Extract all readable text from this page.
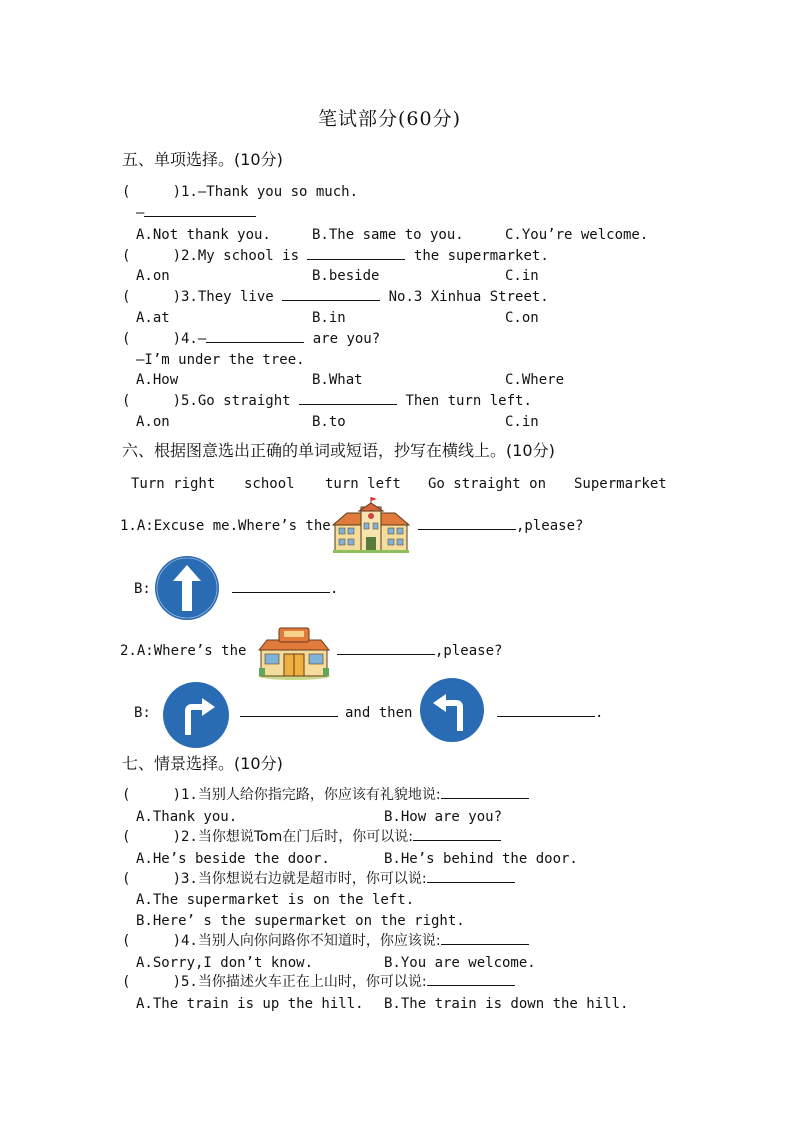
笔试部分(60分)
五、单项选择。(10分)
(     )1.—Thank you so much.
—
A.Not thank you.	B.The same to you.	C.You’re welcome.
(     )2.My school is	the supermarket.
A.on	B.beside	C.in
(     )3.They live	No.3 Xinhua Street.
A.at	B.in	C.on
(     )4.—	are you?
—I’m under the tree.
A.How	B.What	C.Where
(     )5.Go straight	Then turn left.
A.on	B.to	C.in
六、根据图意选出正确的单词或短语，抄写在横线上。(10分)
Turn right school turn left Go straight on Supermarket
1.A:Excuse me.Where’s the	,please?
B:	.
2.A:Where’s the	,please?
B:	and then	.
七、情景选择。(10分)
(     )1.当别人给你指完路，你应该有礼貌地说:
A.Thank you.	B.How are you?
(     )2.当你想说Tom在门后时，你可以说:
A.He’s beside the door.	B.He’s behind the door.
(     )3.当你想说右边就是超市时，你可以说:
A.The supermarket is on the left.
B.Here’ s the supermarket on the right.
(     )4.当别人向你问路你不知道时，你应该说:
A.Sorry,I don’t know.	B.You are welcome.
(     )5.当你描述火车正在上山时，你可以说:
A.The train is up the hill. B.The train is down the hill.
